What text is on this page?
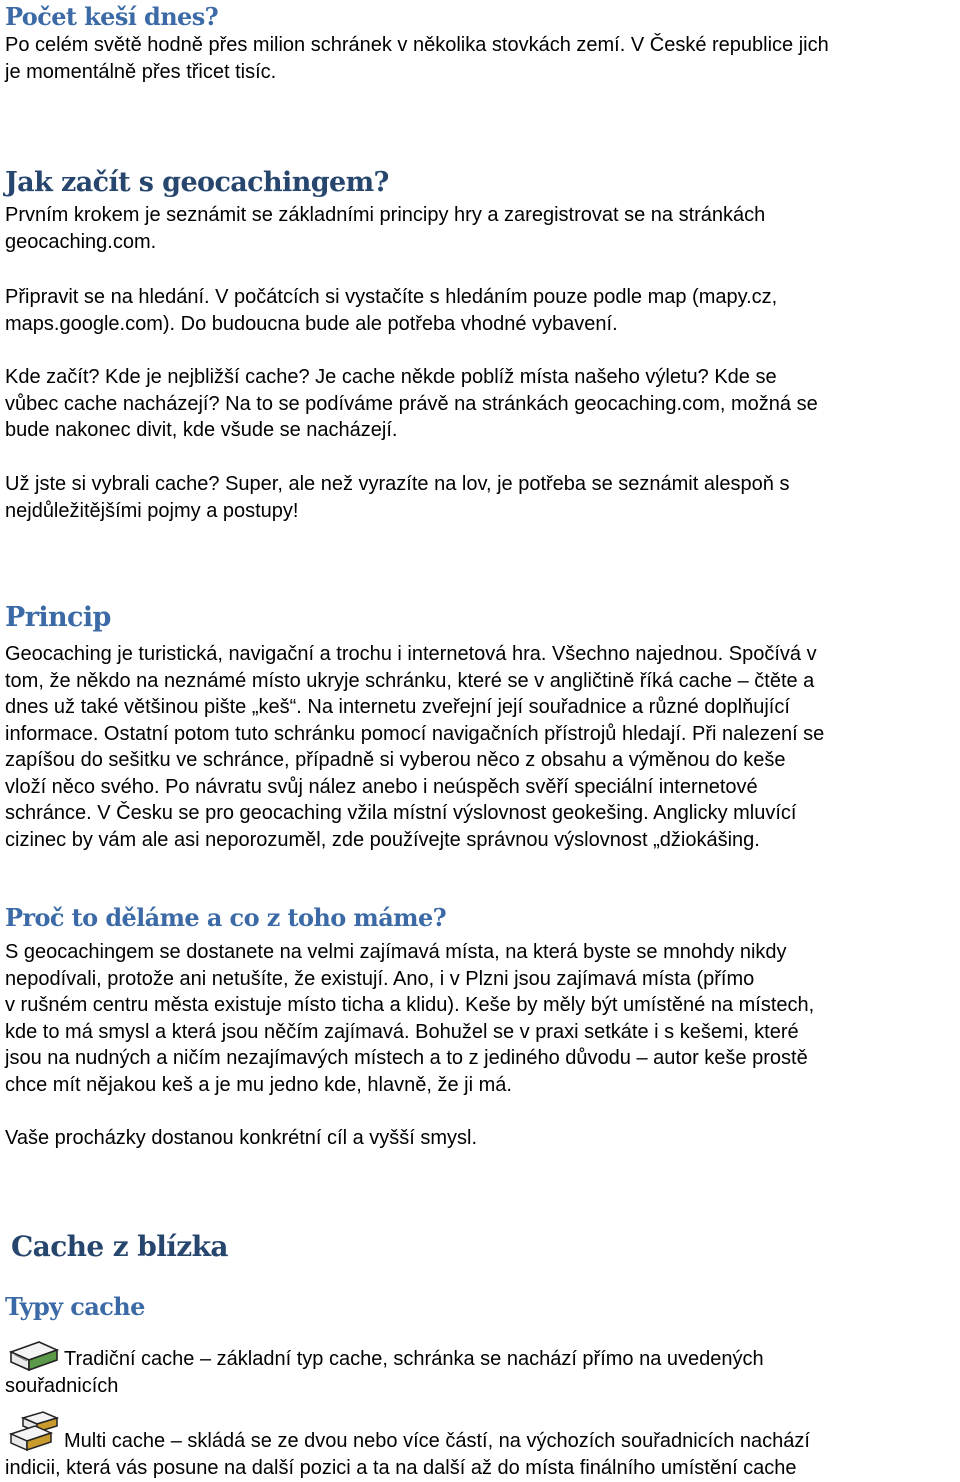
Počet keší dnes?
Po celém světě hodně přes milion schránek v několika stovkách zemí. V České republice jich
je momentálně přes třicet tisíc.
Jak začít s geocachingem?
Prvním krokem je seznámit se základními principy hry a zaregistrovat se na stránkách
geocaching.com.
Připravit se na hledání. V počátcích si vystačíte s hledáním pouze podle map (mapy.cz,
maps.google.com). Do budoucna bude ale potřeba vhodné vybavení.
Kde začít? Kde je nejbližší cache? Je cache někde poblíž místa našeho výletu? Kde se
vůbec cache nacházejí? Na to se podíváme právě na stránkách geocaching.com, možná se
bude nakonec divit, kde všude se nacházejí.
Už jste si vybrali cache? Super, ale než vyrazíte na lov, je potřeba se seznámit alespoň s
nejdůležitějšími pojmy a postupy!
Princip
Geocaching je turistická, navigační a trochu i internetová hra. Všechno najednou. Spočívá v
tom, že někdo na neznámé místo ukryje schránku, které se v angličtině říká cache – čtěte a
dnes už také většinou pište „keš“. Na internetu zveřejní její souřadnice a různé doplňující
informace. Ostatní potom tuto schránku pomocí navigačních přístrojů hledají. Při nalezení se
zapíšou do sešitku ve schránce, případně si vyberou něco z obsahu a výměnou do keše
vloží něco svého. Po návratu svůj nález anebo i neúspěch svěří speciální internetové
schránce. V Česku se pro geocaching vžila místní výslovnost geokešing. Anglicky mluvící
cizinec by vám ale asi neporozuměl, zde používejte správnou výslovnost „džiokášing.
Proč to děláme a co z toho máme?
S geocachingem se dostanete na velmi zajímavá místa, na která byste se mnohdy nikdy
nepodívali, protože ani netušíte, že existují. Ano, i v Plzni jsou zajímavá místa (přímo
v rušném centru města existuje místo ticha a klidu). Keše by měly být umístěné na místech,
kde to má smysl a která jsou něčím zajímavá. Bohužel se v praxi setkáte i s kešemi, které
jsou na nudných a ničím nezajímavých místech a to z jediného důvodu – autor keše prostě
chce mít nějakou keš a je mu jedno kde, hlavně, že ji má.
Vaše procházky dostanou konkrétní cíl a vyšší smysl.
Cache z blízka
Typy cache
Tradiční cache – základní typ cache, schránka se nachází přímo na uvedených
souřadnicích
Multi cache – skládá se ze dvou nebo více částí, na výchozích souřadnicích nachází
indicii, která vás posune na další pozici a ta na další až do místa finálního umístění cache
